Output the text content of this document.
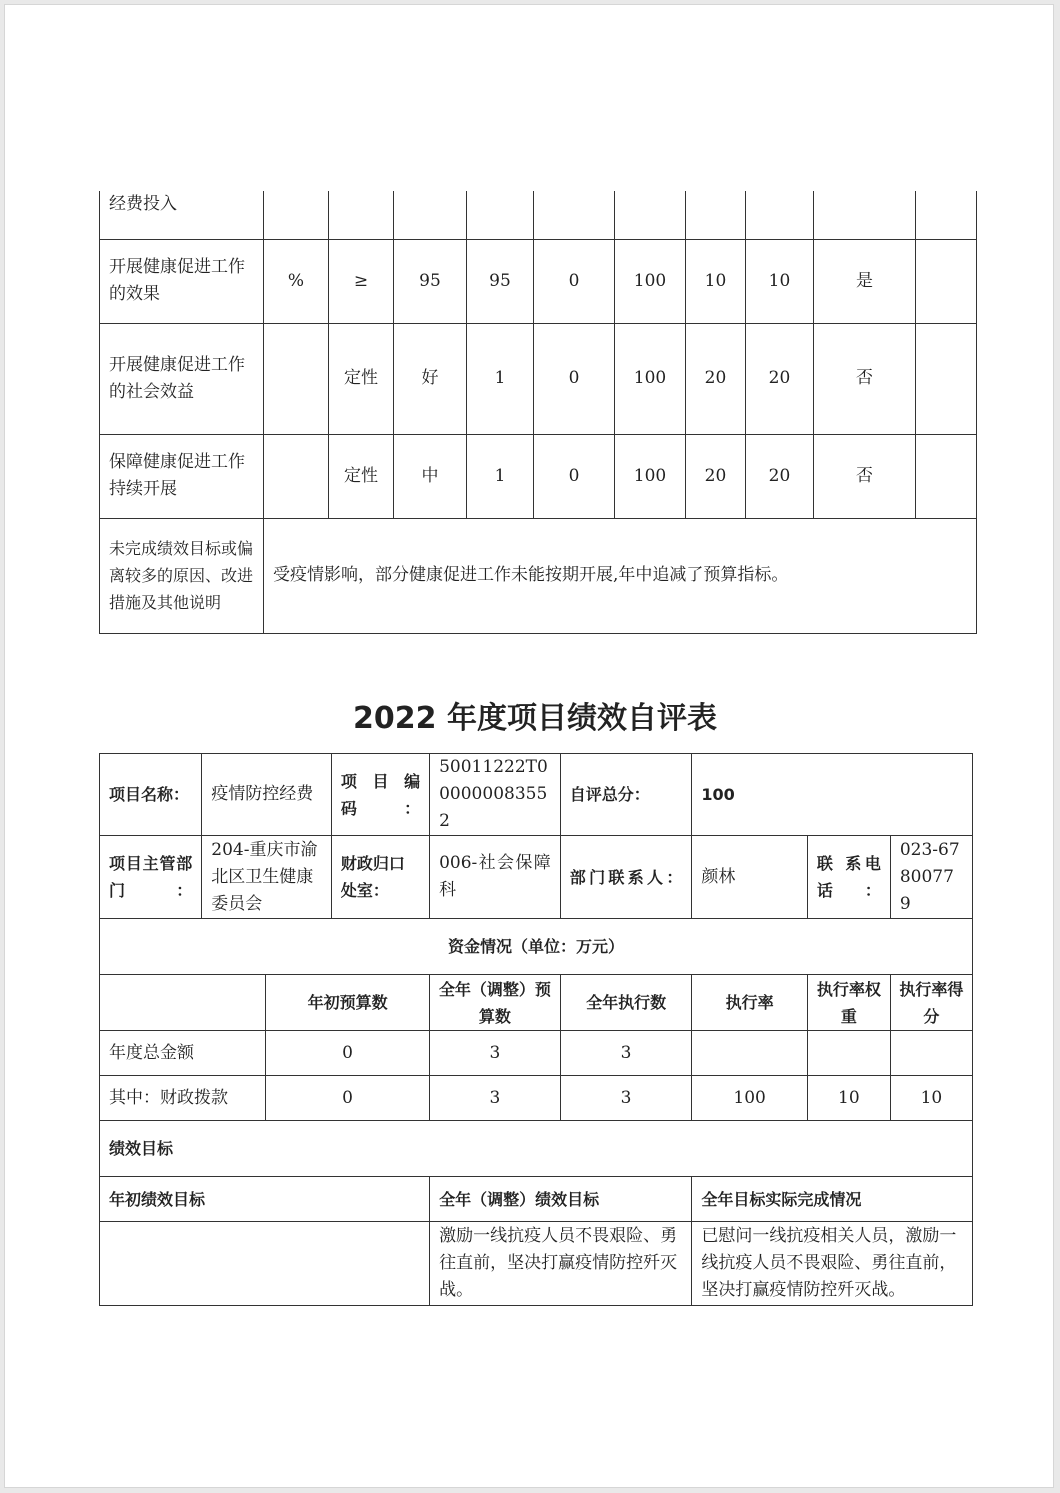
经费投入										
开展健康促进工作的效果	%	≥	95	95	0	100	10	10	是	
开展健康促进工作的社会效益		定性	好	1	0	100	20	20	否	
保障健康促进工作持续开展		定性	中	1	0	100	20	20	否	
未完成绩效目标或偏离较多的原因、改进措施及其他说明	受疫情影响，部分健康促进工作未能按期开展,年中追减了预算指标。									
2022 年度项目绩效自评表
项目名称：	疫情防控经费		项 目 编码：	50011222T000000083552	自评总分：	100		
项目主管部门：	204-重庆市渝北区卫生健康委员会		财政归口处室：	006-社会保障科	部门联系人：	颜林	联 系电话：	023-67800779
资金情况（单位：万元）								
		年初预算数		全年（调整）预算数	全年执行数	执行率	执行率权重	执行率得分
年度总金额		0		3	3			
其中：财政拨款		0		3	3	100	10	10
绩效目标								
年初绩效目标				全年（调整）绩效目标		全年目标实际完成情况		
				激励一线抗疫人员不畏艰险、勇往直前，坚决打赢疫情防控歼灭战。		已慰问一线抗疫相关人员，激励一线抗疫人员不畏艰险、勇往直前，坚决打赢疫情防控歼灭战。		
